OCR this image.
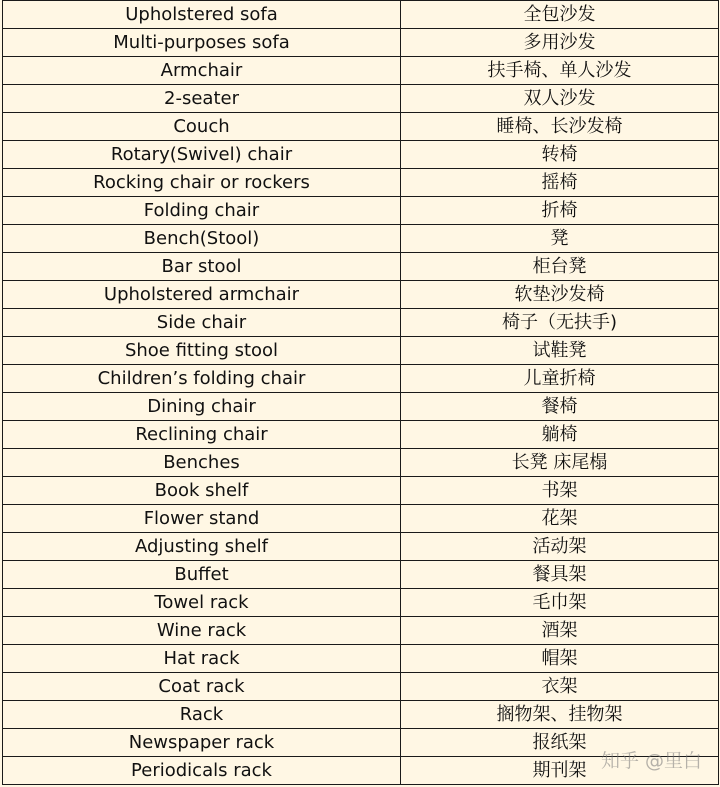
Upholstered sofa	全包沙发
Multi-purposes sofa	多用沙发
Armchair	扶手椅、单人沙发
2-seater	双人沙发
Couch	睡椅、长沙发椅
Rotary(Swivel) chair	转椅
Rocking chair or rockers	摇椅
Folding chair	折椅
Bench(Stool)	凳
Bar stool	柜台凳
Upholstered armchair	软垫沙发椅
Side chair	椅子（无扶手)
Shoe fitting stool	试鞋凳
Children’s folding chair	儿童折椅
Dining chair	餐椅
Reclining chair	躺椅
Benches	长凳 床尾榻
Book shelf	书架
Flower stand	花架
Adjusting shelf	活动架
Buffet	餐具架
Towel rack	毛巾架
Wine rack	酒架
Hat rack	帽架
Coat rack	衣架
Rack	搁物架、挂物架
Newspaper rack	报纸架
Periodicals rack	期刊架 知乎 @里白
